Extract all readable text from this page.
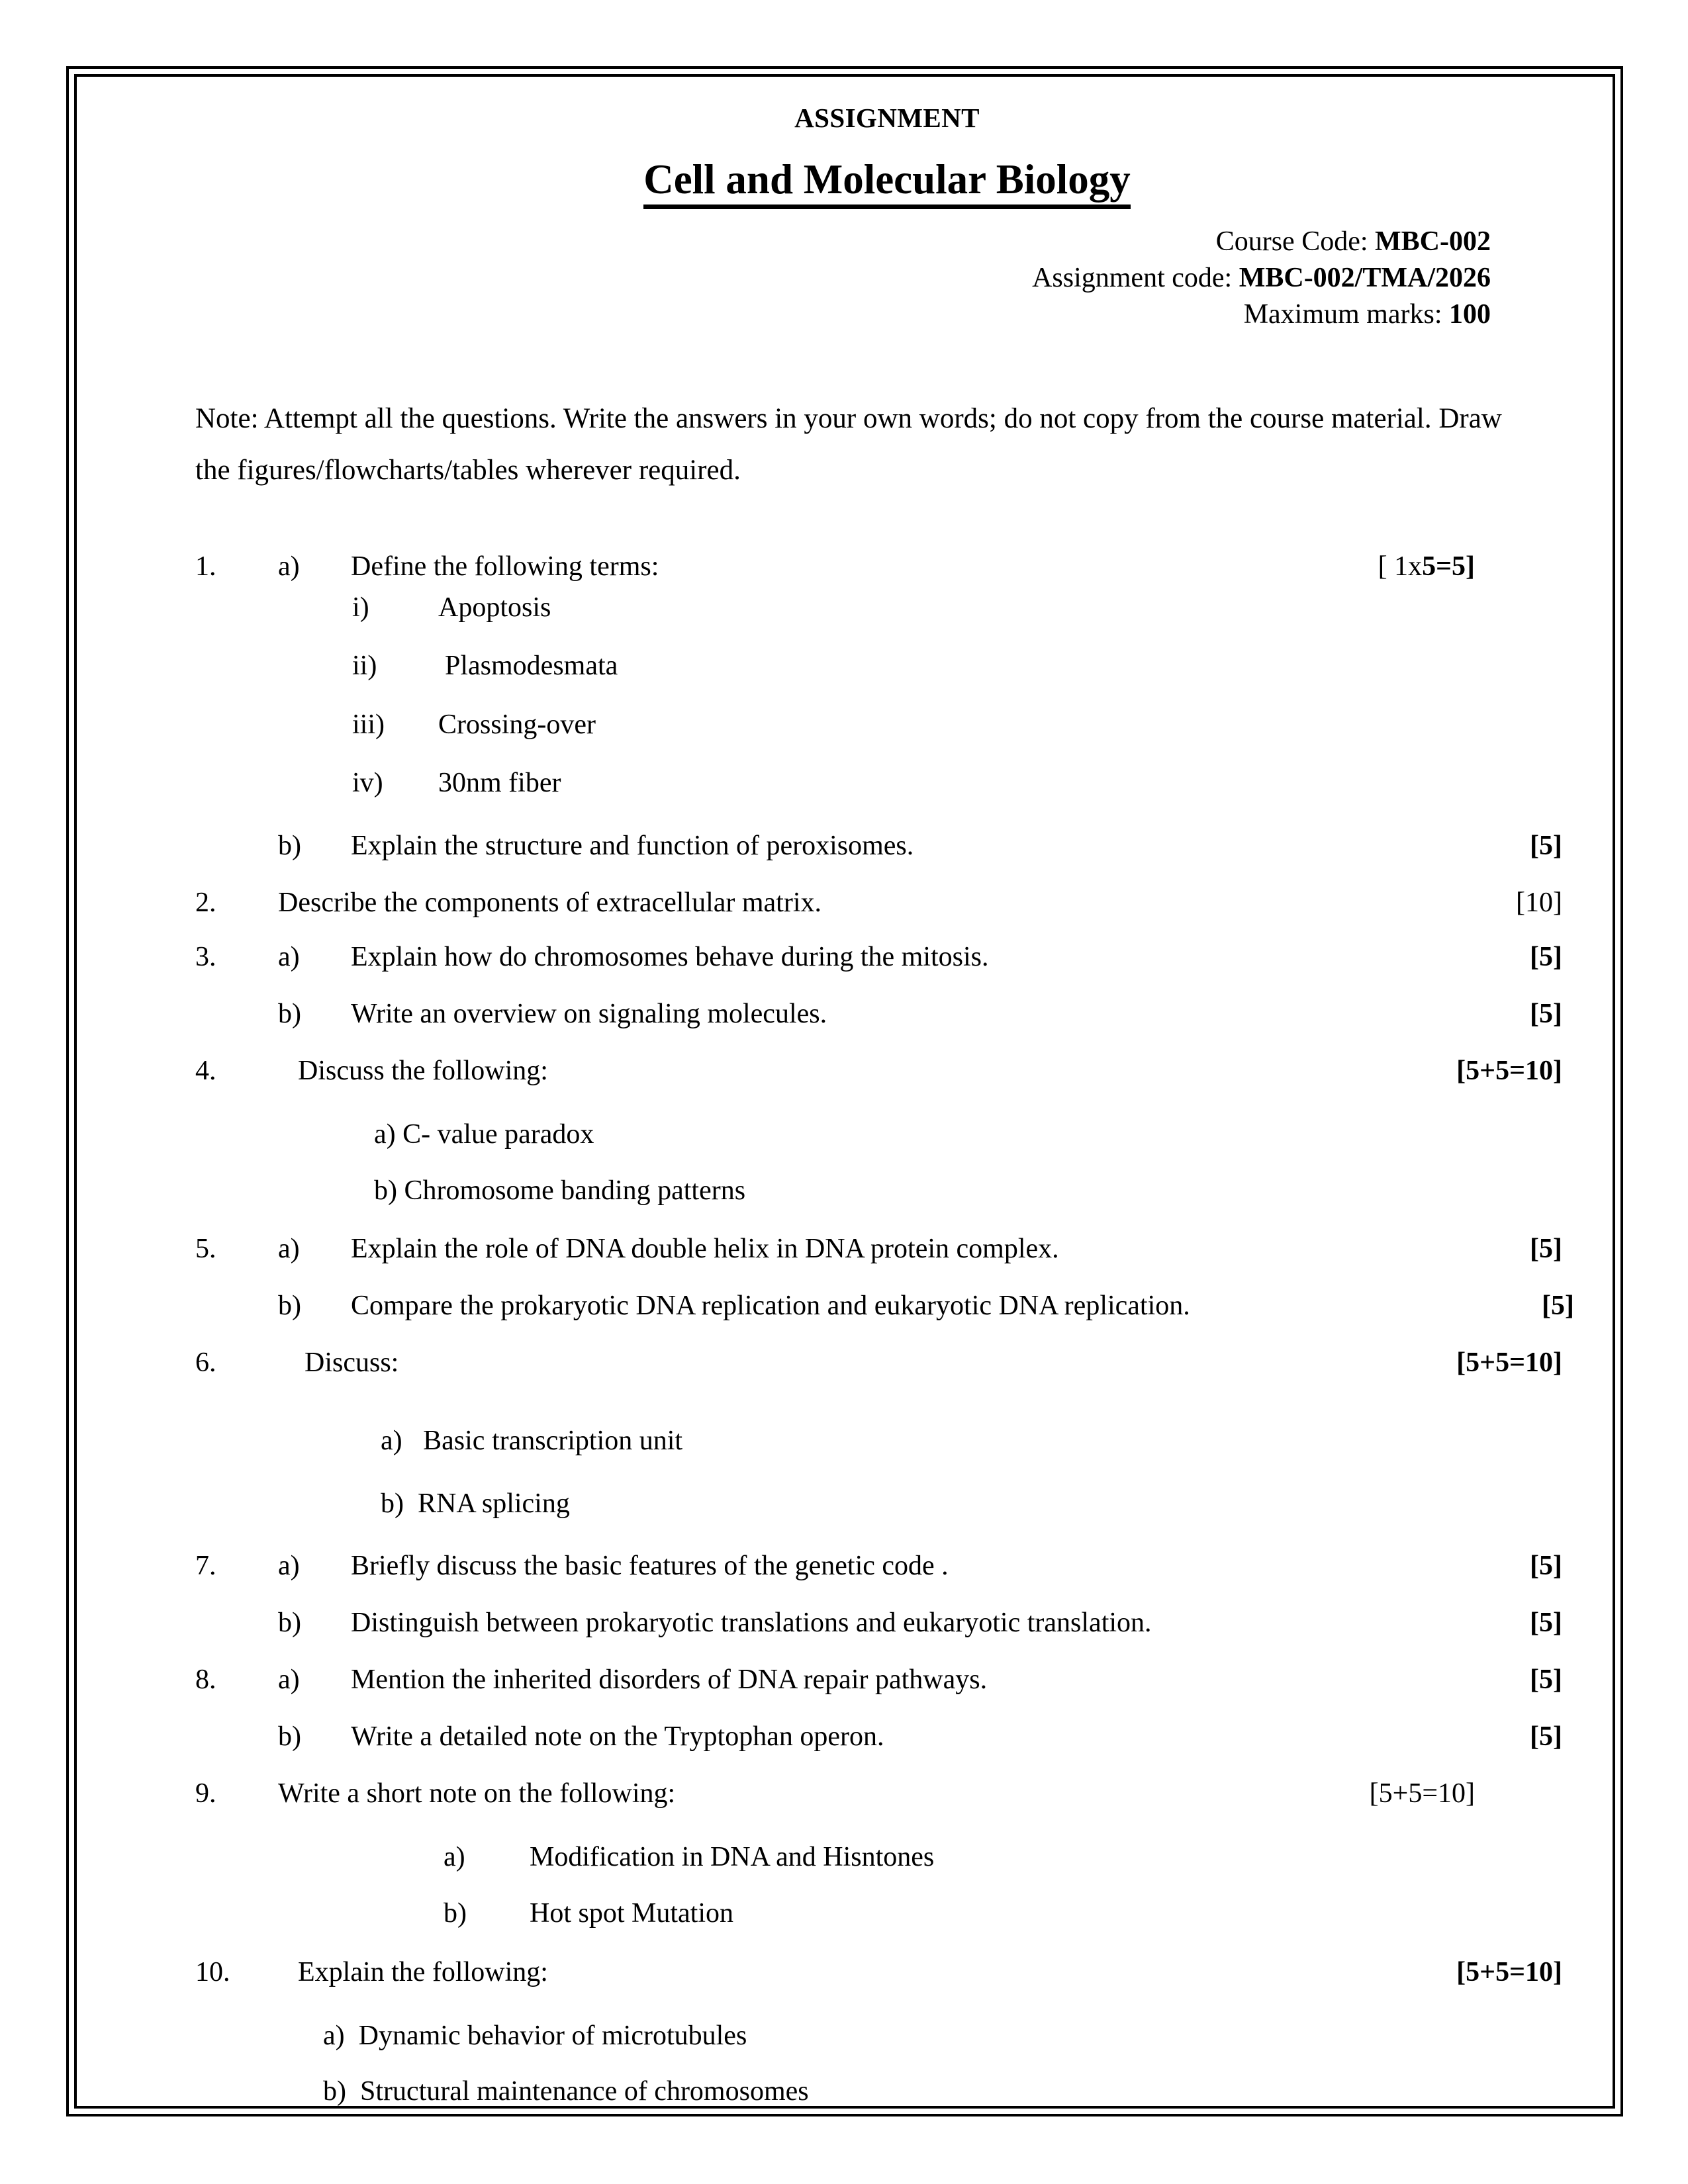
ASSIGNMENT
Cell and Molecular Biology
Course Code: MBC-002
Assignment code: MBC-002/TMA/2026
Maximum marks: 100
Note: Attempt all the questions. Write the answers in your own words; do not copy from the course material. Draw the figures/flowcharts/tables wherever required.
1.	a)	Define the following terms:	[ 1x5=5]
i)	Apoptosis
ii)	Plasmodesmata
iii)	Crossing-over
iv)	30nm fiber
b)	Explain the structure and function of peroxisomes.	[5]
2.	Describe the components of extracellular matrix.	[10]
3.	a)	Explain how do chromosomes behave during the mitosis.	[5]
b)	Write an overview on signaling molecules.	[5]
4.	Discuss the following:	[5+5=10]
a) C- value paradox
b) Chromosome banding patterns
5.	a)	Explain the role of DNA double helix in DNA protein complex.	[5]
b)	Compare the prokaryotic DNA replication and eukaryotic DNA replication.	[5]
6.	Discuss:	[5+5=10]
a)   Basic transcription unit
b)  RNA splicing
7.	a)	Briefly discuss the basic features of the genetic code .	[5]
b)	Distinguish between prokaryotic translations and eukaryotic translation.	[5]
8.	a)	Mention the inherited disorders of DNA repair pathways.	[5]
b)	Write a detailed note on the Tryptophan operon.	[5]
9.	Write a short note on the following:	[5+5=10]
a)	Modification in DNA and Hisntones
b)	Hot spot Mutation
10.	Explain the following:	[5+5=10]
a)  Dynamic behavior of microtubules
b)  Structural maintenance of chromosomes
